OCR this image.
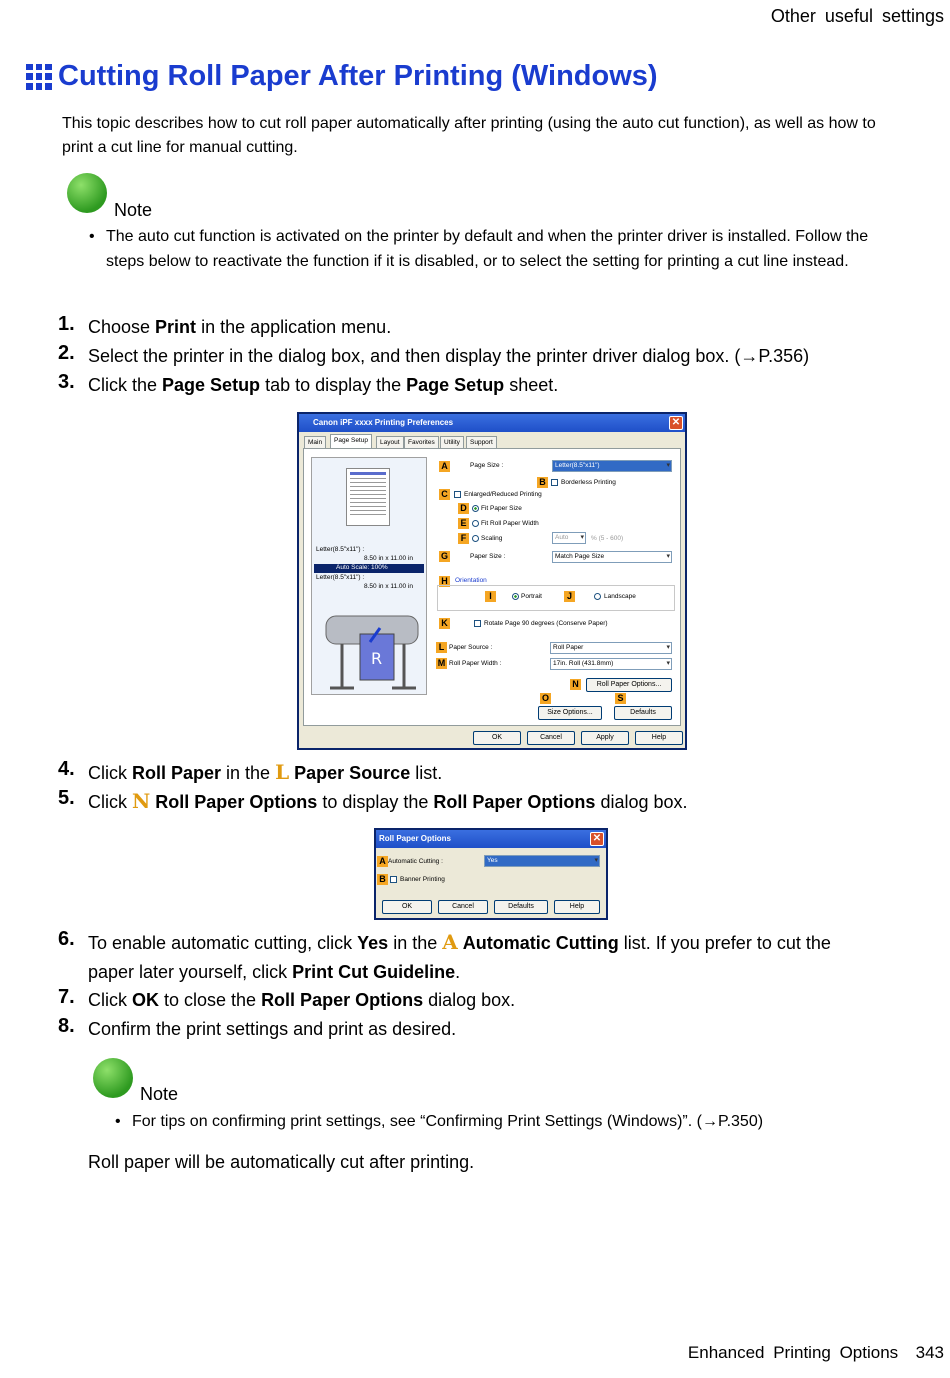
Other useful settings
Cutting Roll Paper After Printing (Windows)
This topic describes how to cut roll paper automatically after printing (using the auto cut function), as well as how to print a cut line for manual cutting.
Note
• The auto cut function is activated on the printer by default and when the printer driver is installed. Follow the steps below to reactivate the function if it is disabled, or to select the setting for printing a cut line instead.
1. Choose Print in the application menu.
2. Select the printer in the dialog box, and then display the printer driver dialog box. (→P.356)
3. Click the Page Setup tab to display the Page Setup sheet.
Canon iPF xxxx Printing Preferences	✕
Main	Page Setup	Layout	Favorites	Utility	Support
Letter(8.5"x11") :
8.50 in x 11.00 in
Auto Scale: 100%
Letter(8.5"x11") :
8.50 in x 11.00 in
R
A	Page Size :	Letter(8.5"x11") ▾
B	Borderless Printing
C	Enlarged/Reduced Printing
D	Fit Paper Size
E	Fit Roll Paper Width
F	Scaling	Auto ▾	% (5 - 600)
G	Paper Size :	Match Page Size ▾
H	Orientation
I	Portrait	J	Landscape
K	Rotate Page 90 degrees (Conserve Paper)
L Paper Source :	Roll Paper ▾
M Roll Paper Width :	17in. Roll (431.8mm) ▾
N	Roll Paper Options...
O	S
Size Options...	Defaults
OK	Cancel	Apply	Help
4. Click Roll Paper in the L Paper Source list.
5. Click N Roll Paper Options to display the Roll Paper Options dialog box.
Roll Paper Options	✕
A Automatic Cutting :	Yes ▾
B	Banner Printing
OK	Cancel	Defaults	Help
6. To enable automatic cutting, click Yes in the A Automatic Cutting list. If you prefer to cut the
paper later yourself, click Print Cut Guideline.
7. Click OK to close the Roll Paper Options dialog box.
8. Confirm the print settings and print as desired.
Note
• For tips on confirming print settings, see “Confirming Print Settings (Windows)”. (→P.350)
Roll paper will be automatically cut after printing.
Enhanced Printing Options 343
